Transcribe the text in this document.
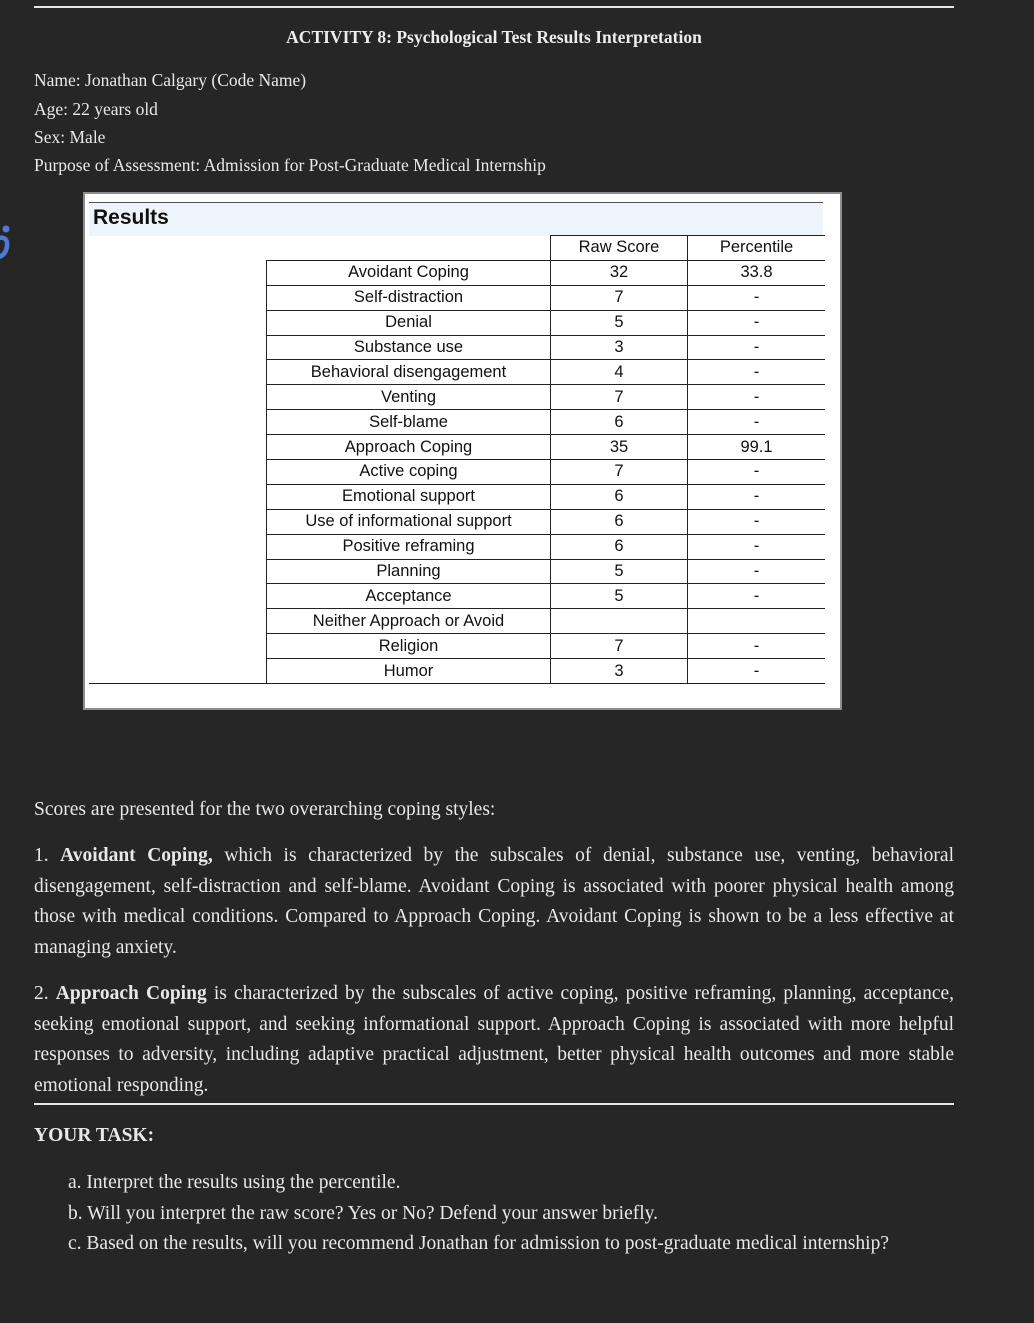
ACTIVITY 8: Psychological Test Results Interpretation
Name: Jonathan Calgary (Code Name)
Age: 22 years old
Sex: Male
Purpose of Assessment: Admission for Post-Graduate Medical Internship
Results
		Raw Score	Percentile
	Avoidant Coping	32	33.8
	Self-distraction	7	-
	Denial	5	-
	Substance use	3	-
	Behavioral disengagement	4	-
	Venting	7	-
	Self-blame	6	-
	Approach Coping	35	99.1
	Active coping	7	-
	Emotional support	6	-
	Use of informational support	6	-
	Positive reframing	6	-
	Planning	5	-
	Acceptance	5	-
	Neither Approach or Avoid		
	Religion	7	-
	Humor	3	-
Scores are presented for the two overarching coping styles:
1. Avoidant Coping, which is characterized by the subscales of denial, substance use, venting, behavioral disengagement, self-distraction and self-blame. Avoidant Coping is associated with poorer physical health among those with medical conditions. Compared to Approach Coping. Avoidant Coping is shown to be a less effective at managing anxiety.
2. Approach Coping is characterized by the subscales of active coping, positive reframing, planning, acceptance, seeking emotional support, and seeking informational support. Approach Coping is associated with more helpful responses to adversity, including adaptive practical adjustment, better physical health outcomes and more stable emotional responding.
YOUR TASK:
a. Interpret the results using the percentile.
b. Will you interpret the raw score? Yes or No? Defend your answer briefly.
c. Based on the results, will you recommend Jonathan for admission to post-graduate medical internship?
